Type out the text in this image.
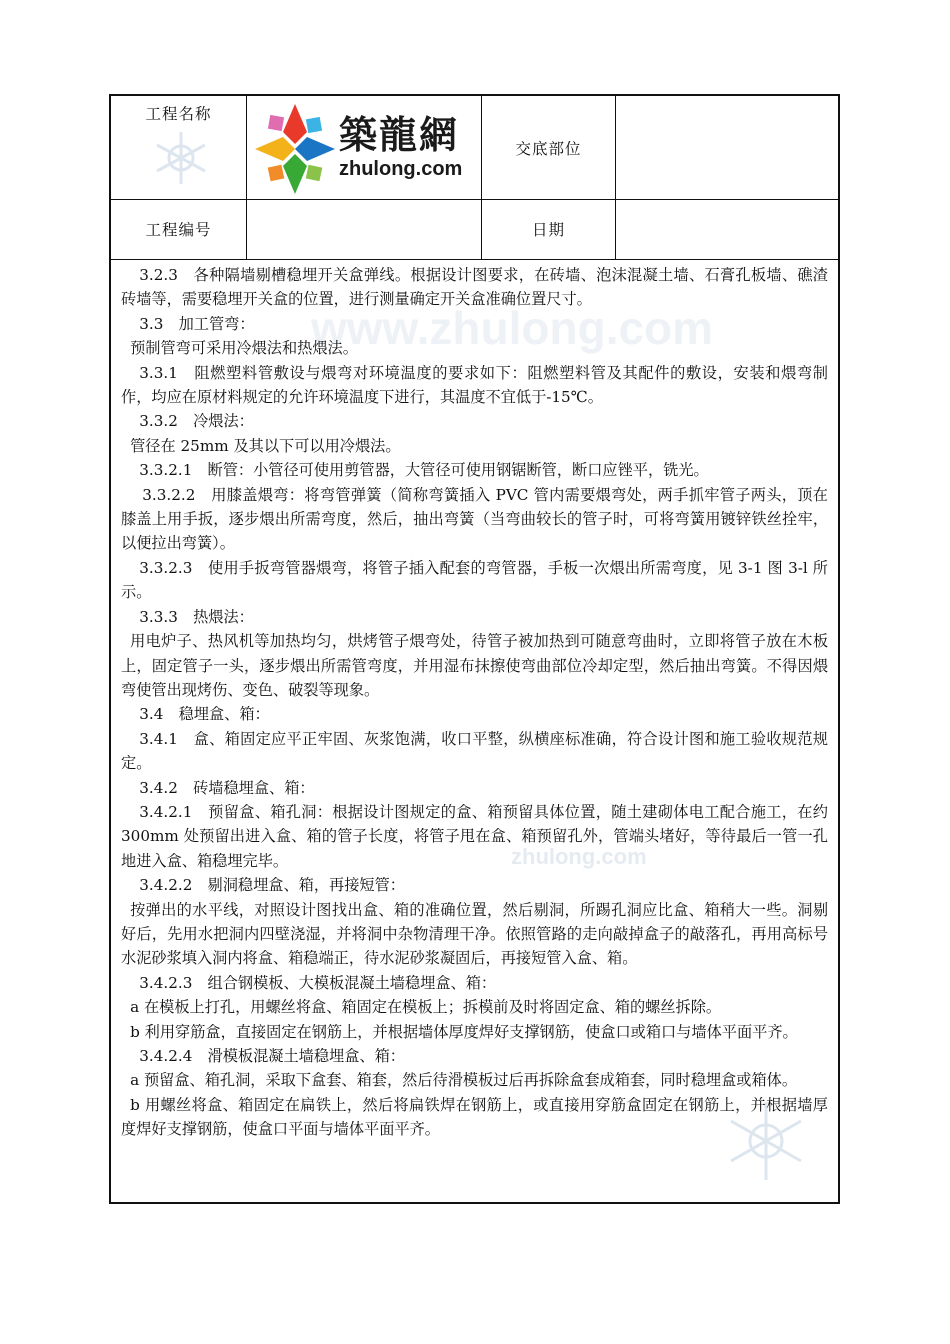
工程名称	築龍網
zhulong.com
交底部位
工程编号	日期
www.zhulong.com
zhulong.com

3.2.3　各种隔墙剔槽稳埋开关盒弹线。根据设计图要求，在砖墙、泡沫混凝土墙、石膏孔板墙、礁渣砖墙等，需要稳埋开关盒的位置，进行测量确定开关盒准确位置尺寸。

3.3　加工管弯：

预制管弯可采用冷煨法和热煨法。

3.3.1　阻燃塑料管敷设与煨弯对环境温度的要求如下：阻燃塑料管及其配件的敷设，安装和煨弯制作，均应在原材料规定的允许环境温度下进行，其温度不宜低于-15℃。

3.3.2　冷煨法：

管径在 25mm 及其以下可以用冷煨法。

3.3.2.1　断管：小管径可使用剪管器，大管径可使用钢锯断管，断口应锉平，铣光。

3.3.2.2　用膝盖煨弯：将弯管弹簧（简称弯簧插入 PVC 管内需要煨弯处，两手抓牢管子两头，顶在膝盖上用手扳，逐步煨出所需弯度，然后，抽出弯簧（当弯曲较长的管子时，可将弯簧用镀锌铁丝拴牢，以便拉出弯簧）。

3.3.2.3　使用手扳弯管器煨弯，将管子插入配套的弯管器，手板一次煨出所需弯度，见 3-1 图 3-l 所示。

3.3.3　热煨法：

用电炉子、热风机等加热均匀，烘烤管子煨弯处，待管子被加热到可随意弯曲时，立即将管子放在木板上，固定管子一头，逐步煨出所需管弯度，并用湿布抹擦使弯曲部位冷却定型，然后抽出弯簧。不得因煨弯使管出现烤伤、变色、破裂等现象。

3.4　稳埋盒、箱：

3.4.1　盒、箱固定应平正牢固、灰浆饱满，收口平整，纵横座标准确，符合设计图和施工验收规范规定。

3.4.2　砖墙稳埋盒、箱：

3.4.2.1　预留盒、箱孔洞：根据设计图规定的盒、箱预留具体位置，随土建砌体电工配合施工，在约 300mm 处预留出进入盒、箱的管子长度，将管子甩在盒、箱预留孔外，管端头堵好，等待最后一管一孔地进入盒、箱稳埋完毕。

3.4.2.2　剔洞稳埋盒、箱，再接短管：

按弹出的水平线，对照设计图找出盒、箱的准确位置，然后剔洞，所踢孔洞应比盒、箱稍大一些。洞剔好后，先用水把洞内四壁浇湿，并将洞中杂物清理干净。依照管路的走向敲掉盒子的敲落孔，再用高标号水泥砂浆填入洞内将盒、箱稳端正，待水泥砂浆凝固后，再接短管入盒、箱。

3.4.2.3　组合钢模板、大模板混凝土墙稳埋盒、箱：

a 在模板上打孔，用螺丝将盒、箱固定在模板上；拆模前及时将固定盒、箱的螺丝拆除。

b 利用穿筋盒，直接固定在钢筋上，并根据墙体厚度焊好支撑钢筋，使盒口或箱口与墙体平面平齐。

3.4.2.4　滑模板混凝土墙稳埋盒、箱：

a 预留盒、箱孔洞，采取下盒套、箱套，然后待滑模板过后再拆除盒套成箱套，同时稳埋盒或箱体。

b 用螺丝将盒、箱固定在扁铁上，然后将扁铁焊在钢筋上，或直接用穿筋盒固定在钢筋上，并根据墙厚度焊好支撑钢筋，使盒口平面与墙体平面平齐。
